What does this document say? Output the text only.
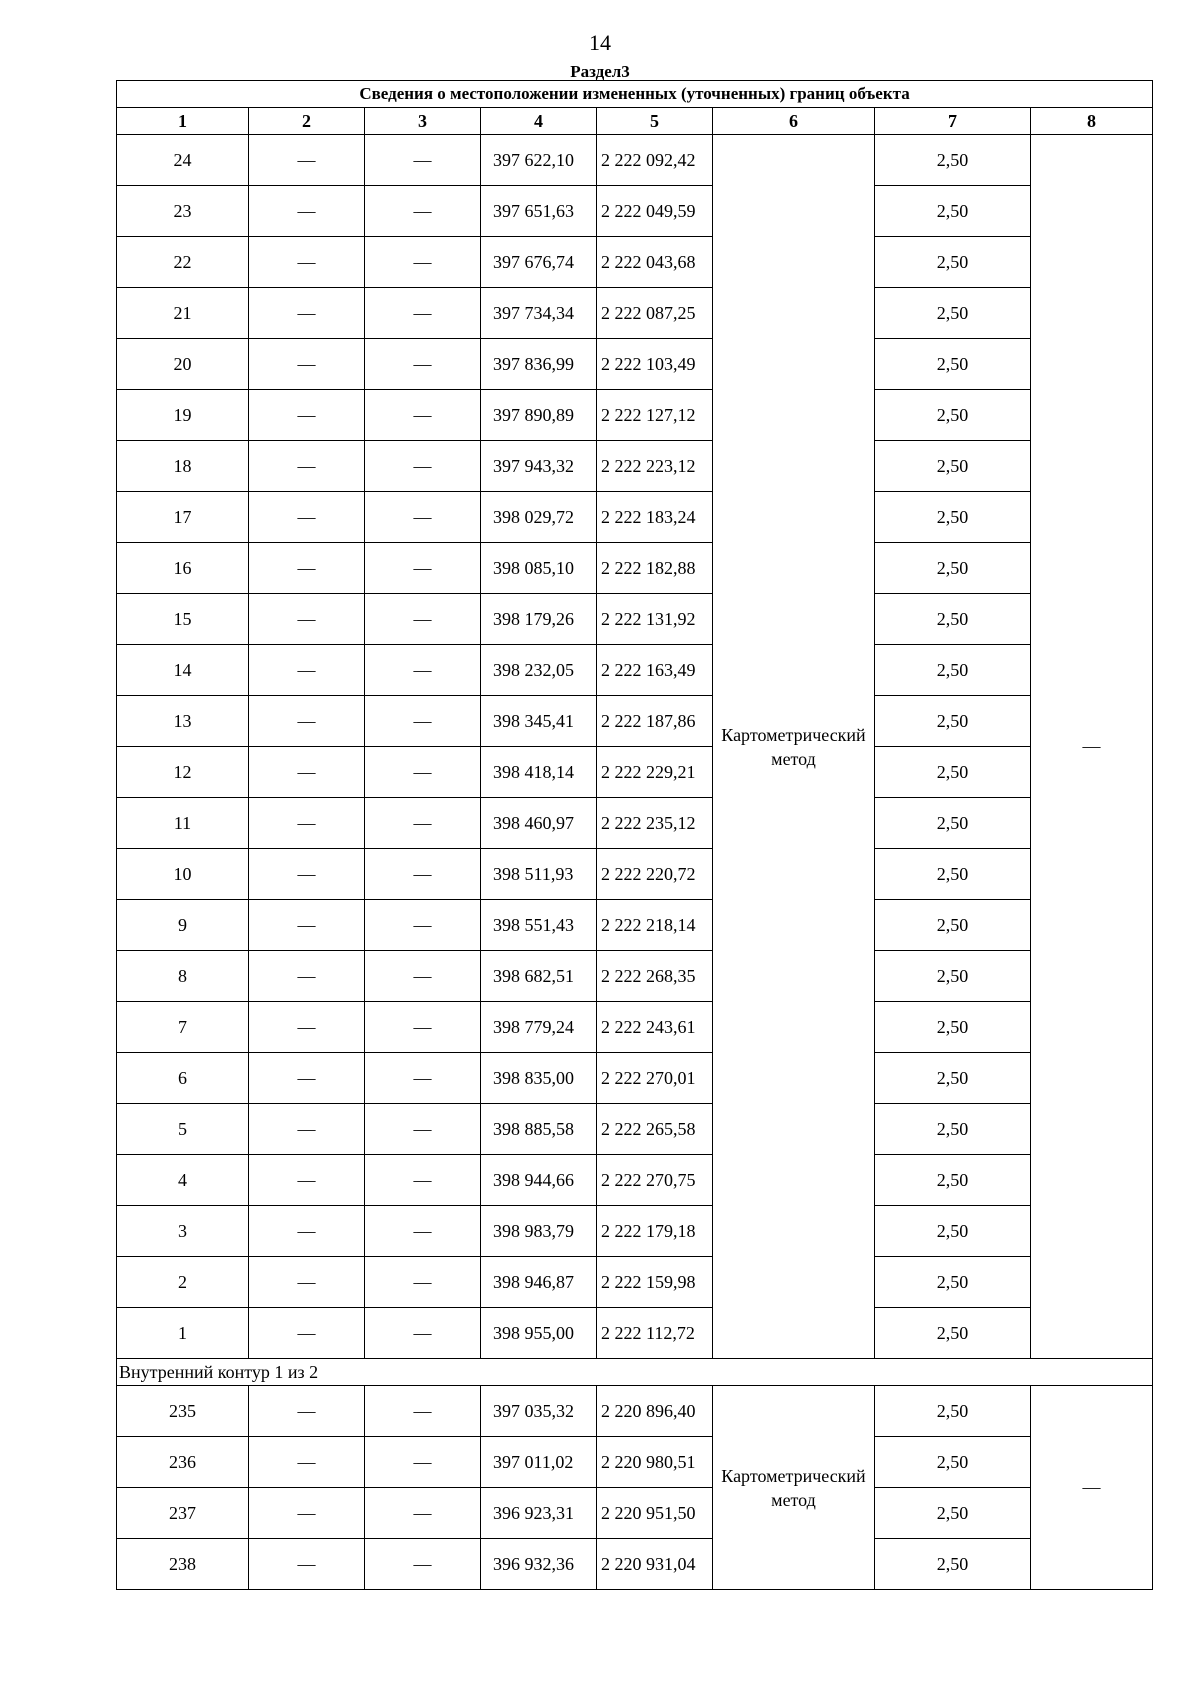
14
Раздел3
Сведения о местоположении измененных (уточненных) границ объекта							
1	2	3	4	5	6	7	8
24	—	—	397 622,10	2 222 092,42	Картометрический метод	2,50	—
23	—	—	397 651,63	2 222 049,59		2,50	
22	—	—	397 676,74	2 222 043,68		2,50	
21	—	—	397 734,34	2 222 087,25		2,50	
20	—	—	397 836,99	2 222 103,49		2,50	
19	—	—	397 890,89	2 222 127,12		2,50	
18	—	—	397 943,32	2 222 223,12		2,50	
17	—	—	398 029,72	2 222 183,24		2,50	
16	—	—	398 085,10	2 222 182,88		2,50	
15	—	—	398 179,26	2 222 131,92		2,50	
14	—	—	398 232,05	2 222 163,49		2,50	
13	—	—	398 345,41	2 222 187,86		2,50	
12	—	—	398 418,14	2 222 229,21		2,50	
11	—	—	398 460,97	2 222 235,12		2,50	
10	—	—	398 511,93	2 222 220,72		2,50	
9	—	—	398 551,43	2 222 218,14		2,50	
8	—	—	398 682,51	2 222 268,35		2,50	
7	—	—	398 779,24	2 222 243,61		2,50	
6	—	—	398 835,00	2 222 270,01		2,50	
5	—	—	398 885,58	2 222 265,58		2,50	
4	—	—	398 944,66	2 222 270,75		2,50	
3	—	—	398 983,79	2 222 179,18		2,50	
2	—	—	398 946,87	2 222 159,98		2,50	
1	—	—	398 955,00	2 222 112,72		2,50	
Внутренний контур 1 из 2							
235	—	—	397 035,32	2 220 896,40	Картометрический метод	2,50	—
236	—	—	397 011,02	2 220 980,51		2,50	
237	—	—	396 923,31	2 220 951,50		2,50	
238	—	—	396 932,36	2 220 931,04		2,50	
